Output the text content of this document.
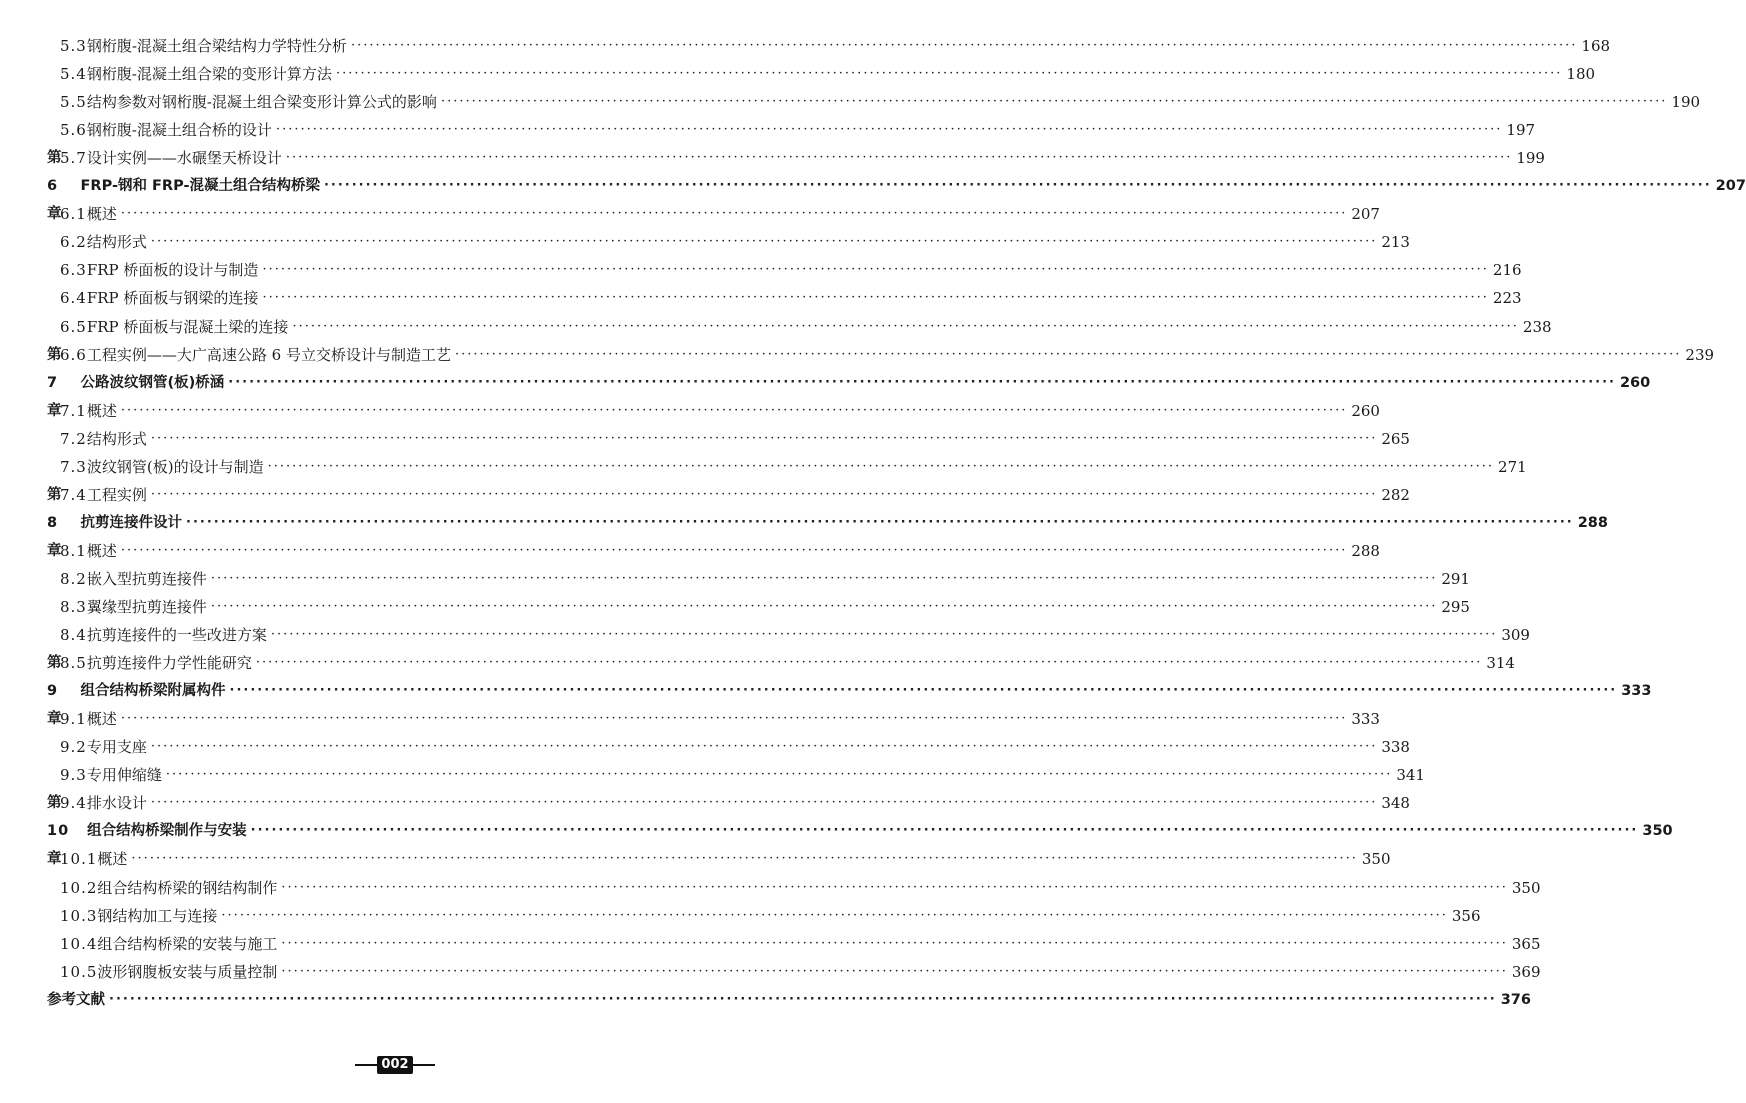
5.3 钢桁腹-混凝土组合梁结构力学特性分析 ········································································································································································································ 168
5.4 钢桁腹-混凝土组合梁的变形计算方法 ········································································································································································································ 180
5.5 结构参数对钢桁腹-混凝土组合梁变形计算公式的影响 ········································································································································································································ 190
5.6 钢桁腹-混凝土组合桥的设计 ········································································································································································································ 197
5.7 设计实例——水碾堡天桥设计 ········································································································································································································ 199
第 6 章
FRP-钢和 FRP-混凝土组合结构桥梁 ········································································································································································································ 207
6.1 概述 ········································································································································································································ 207
6.2 结构形式 ········································································································································································································ 213
6.3 FRP 桥面板的设计与制造 ········································································································································································································ 216
6.4 FRP 桥面板与钢梁的连接 ········································································································································································································ 223
6.5 FRP 桥面板与混凝土梁的连接 ········································································································································································································ 238
6.6 工程实例——大广高速公路 6 号立交桥设计与制造工艺 ········································································································································································································ 239
第 7 章
公路波纹钢管(板)桥涵 ········································································································································································································ 260
7.1 概述 ········································································································································································································ 260
7.2 结构形式 ········································································································································································································ 265
7.3 波纹钢管(板)的设计与制造 ········································································································································································································ 271
7.4 工程实例 ········································································································································································································ 282
第 8 章
抗剪连接件设计 ········································································································································································································ 288
8.1 概述 ········································································································································································································ 288
8.2 嵌入型抗剪连接件 ········································································································································································································ 291
8.3 翼缘型抗剪连接件 ········································································································································································································ 295
8.4 抗剪连接件的一些改进方案 ········································································································································································································ 309
8.5 抗剪连接件力学性能研究 ········································································································································································································ 314
第 9 章
组合结构桥梁附属构件 ········································································································································································································ 333
9.1 概述 ········································································································································································································ 333
9.2 专用支座 ········································································································································································································ 338
9.3 专用伸缩缝 ········································································································································································································ 341
9.4 排水设计 ········································································································································································································ 348
第 10 章
组合结构桥梁制作与安装 ········································································································································································································ 350
10.1 概述 ········································································································································································································ 350
10.2 组合结构桥梁的钢结构制作 ········································································································································································································ 350
10.3 钢结构加工与连接 ········································································································································································································ 356
10.4 组合结构桥梁的安装与施工 ········································································································································································································ 365
10.5 波形钢腹板安装与质量控制 ········································································································································································································ 369
参考文献 ········································································································································································································ 376
002
